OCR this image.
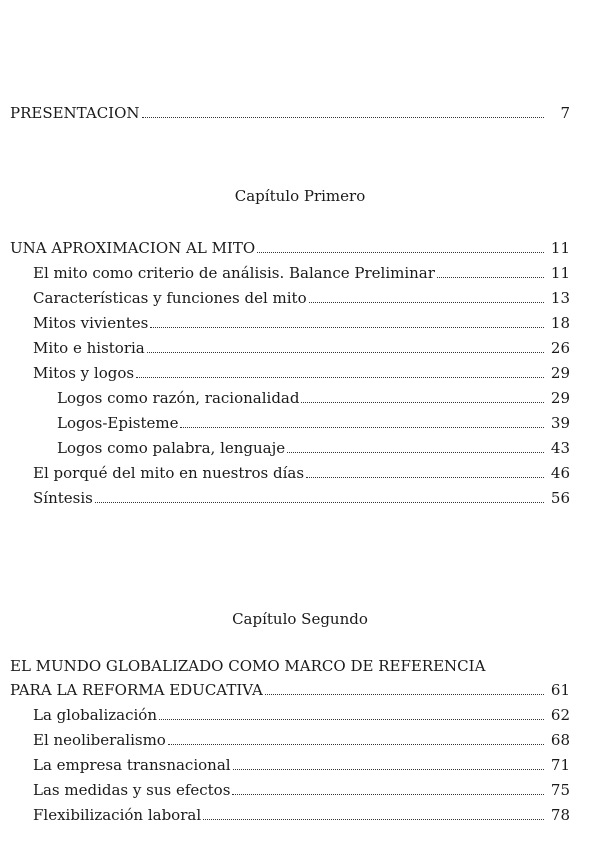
PRESENTACION	7
Capítulo Primero
UNA APROXIMACION AL MITO	11
El mito como criterio de análisis. Balance Preliminar	11
Características y funciones del mito	13
Mitos vivientes	18
Mito e historia	26
Mitos y logos	29
Logos como razón, racionalidad	29
Logos-Episteme	39
Logos como palabra, lenguaje	43
El porqué del mito en nuestros días	46
Síntesis	56
Capítulo Segundo
EL MUNDO GLOBALIZADO COMO MARCO DE REFERENCIA
PARA LA REFORMA EDUCATIVA	61
La globalización	62
El neoliberalismo	68
La empresa transnacional	71
Las medidas y sus efectos	75
Flexibilización laboral	78
